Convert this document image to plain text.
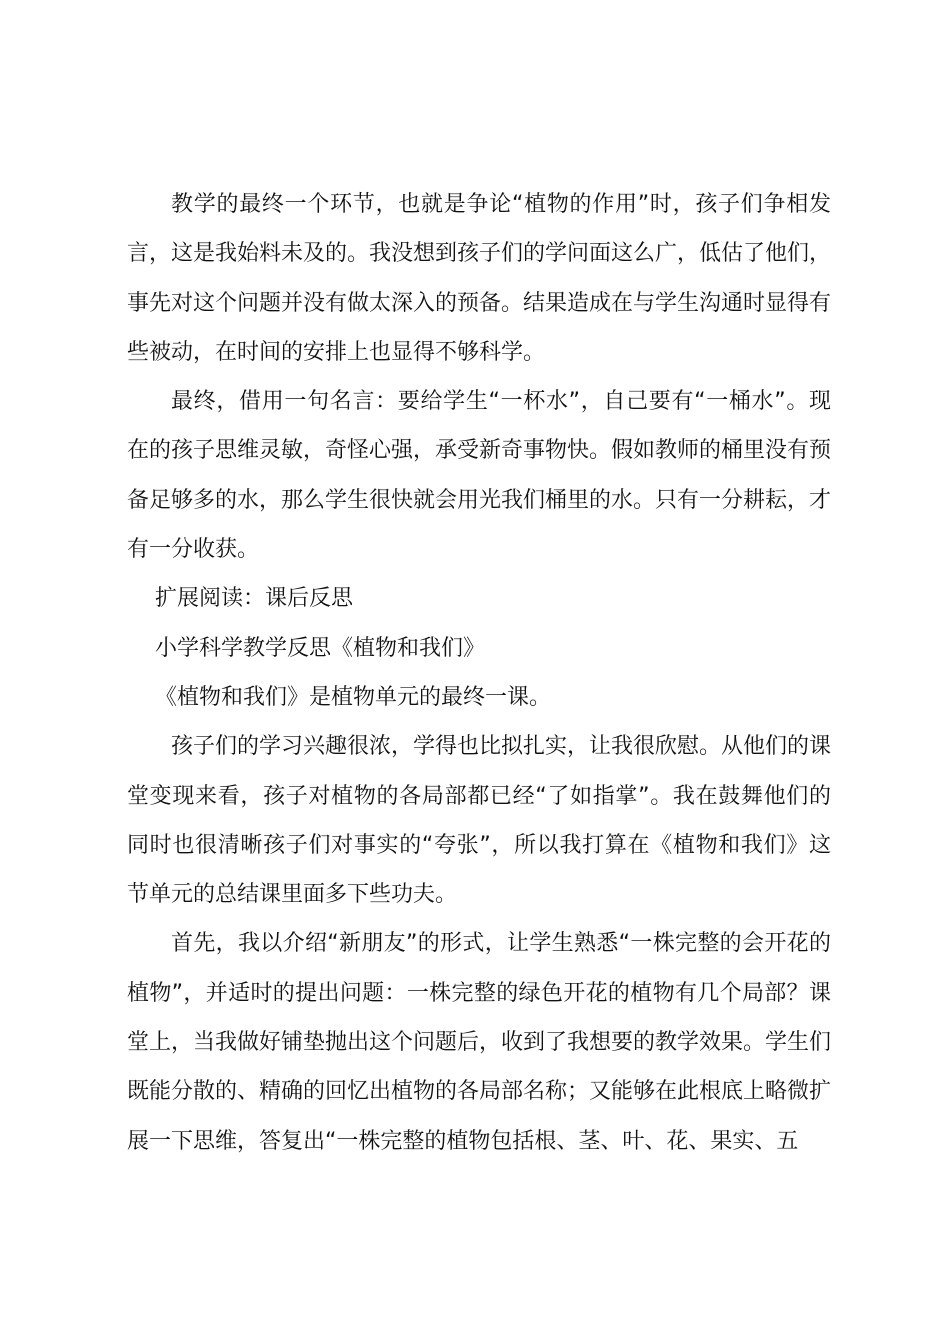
教学的最终一个环节，也就是争论“植物的作用”时，孩子们争相发言，这是我始料未及的。我没想到孩子们的学问面这么广，低估了他们，事先对这个问题并没有做太深入的预备。结果造成在与学生沟通时显得有些被动，在时间的安排上也显得不够科学。

最终，借用一句名言：要给学生“一杯水”，自己要有“一桶水”。现在的孩子思维灵敏，奇怪心强，承受新奇事物快。假如教师的桶里没有预备足够多的水，那么学生很快就会用光我们桶里的水。只有一分耕耘，才有一分收获。

扩展阅读：课后反思

小学科学教学反思《植物和我们》

《植物和我们》是植物单元的最终一课。

孩子们的学习兴趣很浓，学得也比拟扎实，让我很欣慰。从他们的课堂变现来看，孩子对植物的各局部都已经“了如指掌”。我在鼓舞他们的同时也很清晰孩子们对事实的“夸张”，所以我打算在《植物和我们》这节单元的总结课里面多下些功夫。

首先，我以介绍“新朋友”的形式，让学生熟悉“一株完整的会开花的植物”，并适时的提出问题：一株完整的绿色开花的植物有几个局部？课堂上，当我做好铺垫抛出这个问题后，收到了我想要的教学效果。学生们既能分散的、精确的回忆出植物的各局部名称；又能够在此根底上略微扩展一下思维，答复出“一株完整的植物包括根、茎、叶、花、果实、五
